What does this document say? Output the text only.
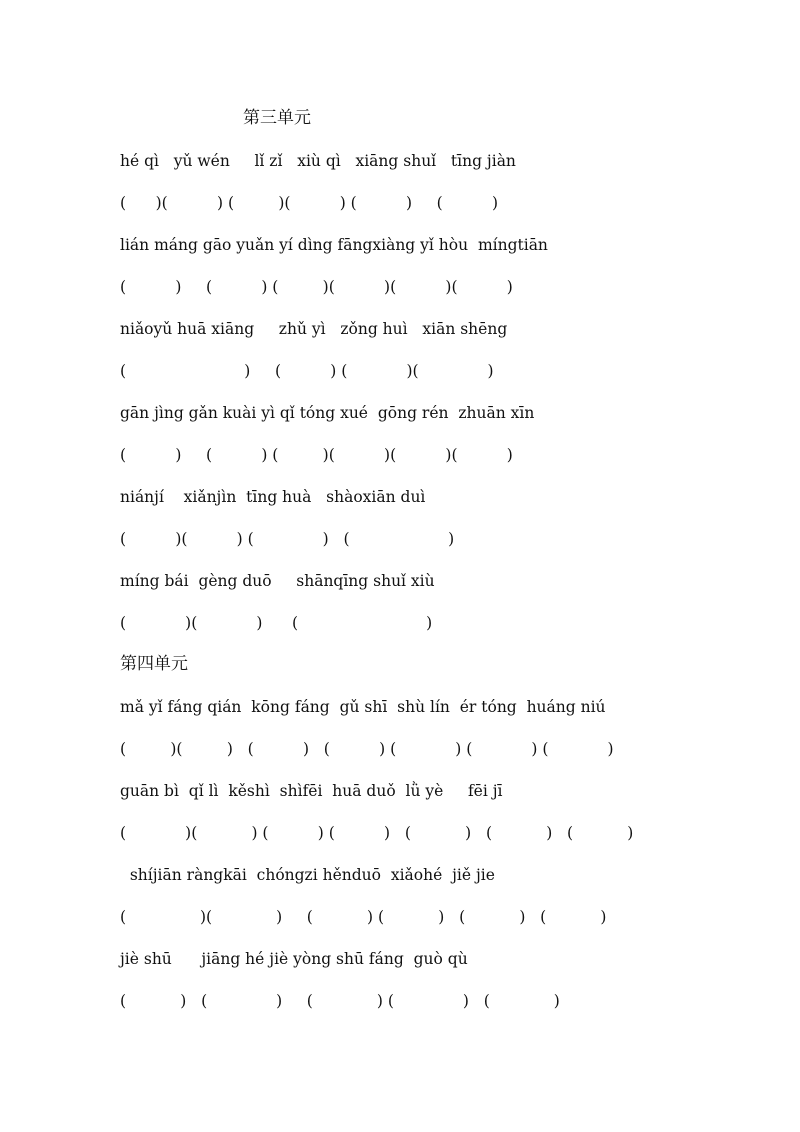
第三单元
hé qì   yǔ wén     lǐ zǐ   xiù qì   xiāng shuǐ   tīng jiàn
(      )(          ) (         )(          ) (          )     (          )
lián máng gāo yuǎn yí dìng fāngxiàng yǐ hòu  míngtiān
(          )     (          ) (         )(          )(          )(          )
niǎoyǔ huā xiāng     zhǔ yì   zǒng huì   xiān shēng
(                        )     (          ) (            )(              )
gān jìng gǎn kuài yì qǐ tóng xué  gōng rén  zhuān xīn
(          )     (          ) (         )(          )(          )(          )
niánjí    xiǎnjìn  tīng huà   shàoxiān duì
(          )(          ) (              )   (                    )
míng bái  gèng duō     shānqīng shuǐ xiù
(            )(            )      (                          )
第四单元
mǎ yǐ fáng qián  kōng fáng  gǔ shī  shù lín  ér tóng  huáng niú
(         )(         )   (          )   (          ) (            ) (            ) (            )
guān bì  qǐ lì  kěshì  shìfēi  huā duǒ  lǜ yè     fēi jī
(            )(           ) (          ) (          )   (           )   (           )   (           )
shíjiān ràngkāi  chóngzi hěnduō  xiǎohé  jiě jie
(               )(             )     (           ) (           )   (           )   (           )
jiè shū      jiāng hé jiè yòng shū fáng  guò qù
(           )   (              )     (             ) (              )   (             )
